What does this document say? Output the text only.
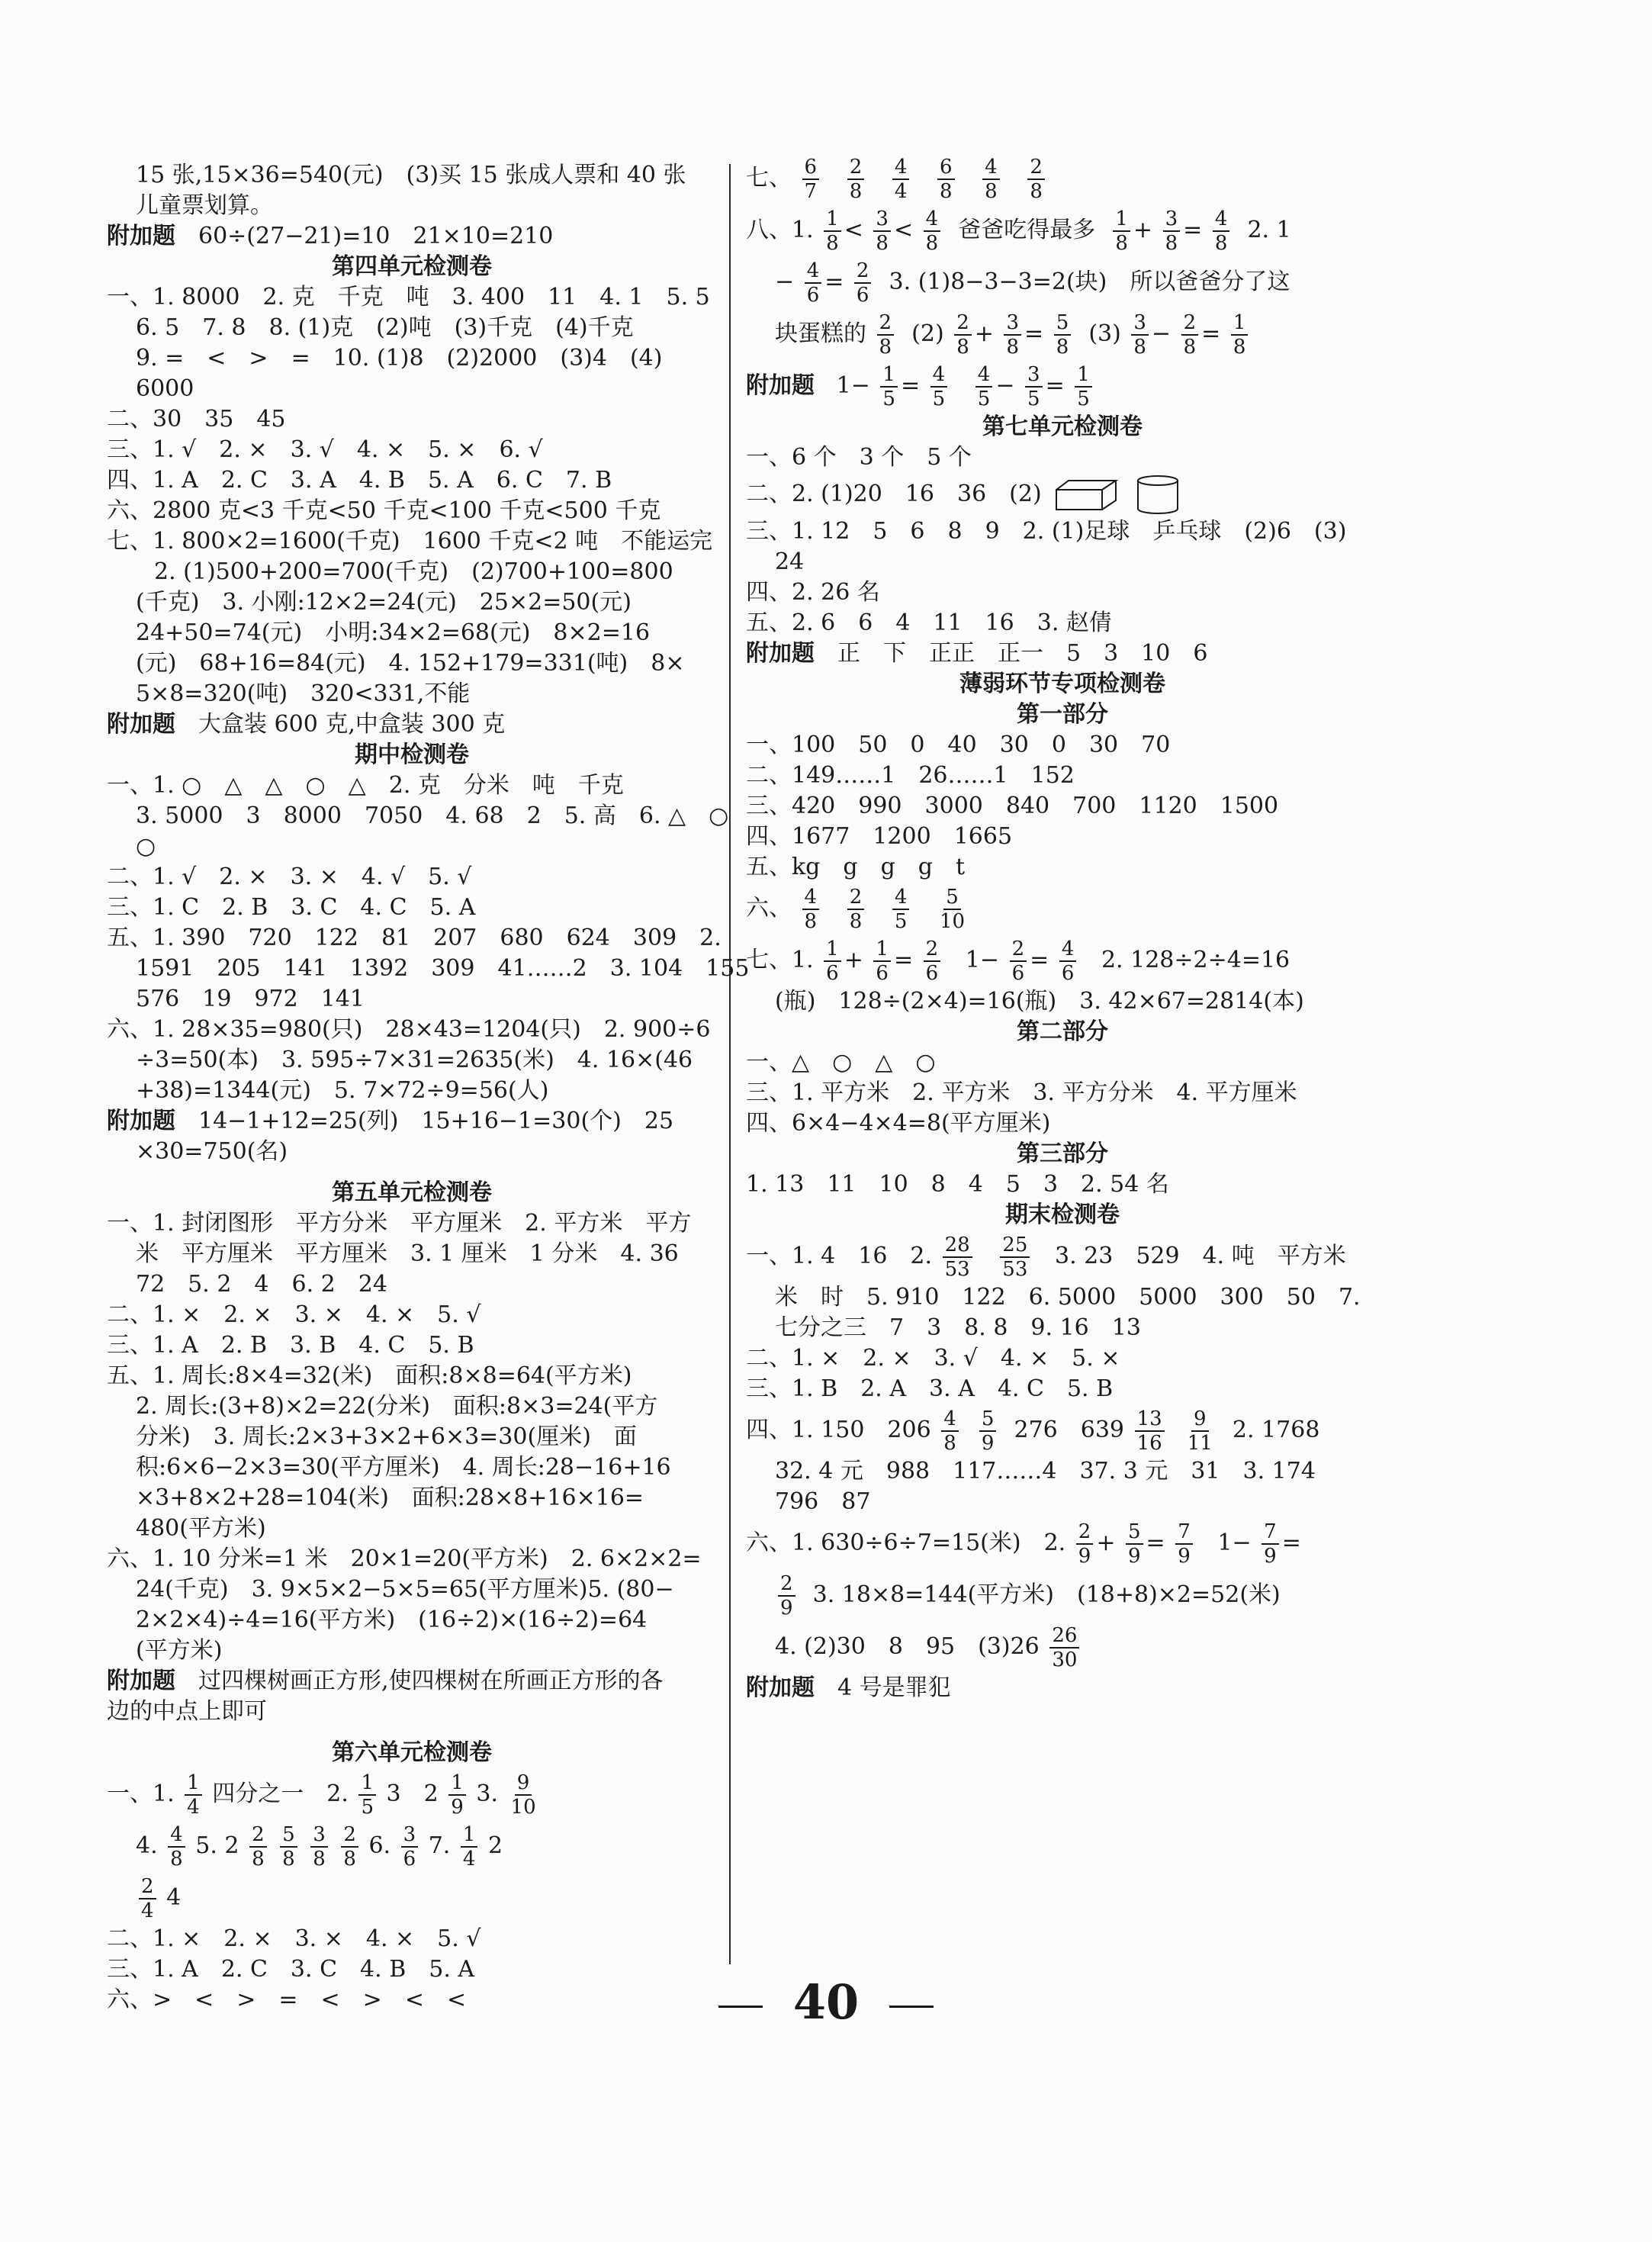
15 张,15×36=540(元)　(3)买 15 张成人票和 40 张
儿童票划算。
附加题　 60÷(27−21)=10　21×10=210
第四单元检测卷
一、1. 8000　2. 克　千克　吨　3. 400　11　4. 1　5. 5
6. 5　7. 8　8. (1)克　(2)吨　(3)千克　(4)千克
9. =　<　>　=　10. (1)8　(2)2000　(3)4　(4)
6000
二、30　35　45
三、1. √　2. ×　3. √　4. ×　5. ×　6. √
四、1. A　2. C　3. A　4. B　5. A　6. C　7. B
六、2800 克<3 千克<50 千克<100 千克<500 千克
七、1. 800×2=1600(千克)　1600 千克<2 吨　不能运完
2. (1)500+200=700(千克)　(2)700+100=800
(千克)　3. 小刚:12×2=24(元)　25×2=50(元)
24+50=74(元)　小明:34×2=68(元)　8×2=16
(元)　68+16=84(元)　4. 152+179=331(吨)　8×
5×8=320(吨)　320<331,不能
附加题　 大盒装 600 克,中盒装 300 克
期中检测卷
一、1. ○　△　△　○　△　2. 克　分米　吨　千克
3. 5000　3　8000　7050　4. 68　2　5. 高　6. △　○
○
二、1. √　2. ×　3. ×　4. √　5. √
三、1. C　2. B　3. C　4. C　5. A
五、1. 390　720　122　81　207　680　624　309　2.
1591　205　141　1392　309　41……2　3. 104　155
576　19　972　141
六、1. 28×35=980(只)　28×43=1204(只)　2. 900÷6
÷3=50(本)　3. 595÷7×31=2635(米)　4. 16×(46
+38)=1344(元)　5. 7×72÷9=56(人)
附加题　 14−1+12=25(列)　15+16−1=30(个)　25
×30=750(名)
第五单元检测卷
一、1. 封闭图形　平方分米　平方厘米　2. 平方米　平方
米　平方厘米　平方厘米　3. 1 厘米　1 分米　4. 36
72　5. 2　4　6. 2　24
二、1. ×　2. ×　3. ×　4. ×　5. √
三、1. A　2. B　3. B　4. C　5. B
五、1. 周长:8×4=32(米)　面积:8×8=64(平方米)
2. 周长:(3+8)×2=22(分米)　面积:8×3=24(平方
分米)　3. 周长:2×3+3×2+6×3=30(厘米)　面
积:6×6−2×3=30(平方厘米)　4. 周长:28−16+16
×3+8×2+28=104(米)　面积:28×8+16×16=
480(平方米)
六、1. 10 分米=1 米　20×1=20(平方米)　2. 6×2×2=
24(千克)　3. 9×5×2−5×5=65(平方厘米)5. (80−
2×2×4)÷4=16(平方米)　(16÷2)×(16÷2)=64
(平方米)
附加题　 过四棵树画正方形,使四棵树在所画正方形的各
边的中点上即可
第六单元检测卷
一、1. $\frac{1}{4}$ 四分之一　2. $\frac{1}{5} 3$　$2 \frac{1}{9} 3$. $\frac{9}{10}$
4. $\frac{4}{8} 5$. $2 \frac{2}{8}$
$\frac{5}{8}$
$\frac{3}{8}$
$\frac{2}{8} 6$. $\frac{3}{6} 7$. $\frac{1}{4} 2$
$\frac{2}{4} 4$
二、1. ×　2. ×　3. ×　4. ×　5. √
三、1. A　2. C　3. C　4. B　5. A
六、>　<　>　=　<　>　<　<
七、 $\frac{6}{7}$
$\frac{2}{8}$
$\frac{4}{4}$
$\frac{6}{8}$
$\frac{4}{8}$
$\frac{2}{8}$
八、1. $\frac{1}{8} < \frac{3}{8} < \frac{4}{8}$ 爸爸吃得最多 $\frac{1}{8} + \frac{3}{8} = \frac{4}{8} 2$. 1
− $\frac{4}{6} = \frac{2}{6} 3$. (1)8−3−3=2(块)　所以爸爸分了这
块蛋糕的 $\frac{2}{8} (2) \frac{2}{8} + \frac{3}{8} = \frac{5}{8} (3) \frac{3}{8} - \frac{2}{8} = \frac{1}{8}$
附加题 $1- \frac{1}{5} = \frac{4}{5}$
$\frac{4}{5} - \frac{3}{5} = \frac{1}{5}$
第七单元检测卷
一、6 个　3 个　5 个
二、2. (1)20　16　36　(2)
三、1. 12　5　6　8　9　2. (1)足球　乒乓球　(2)6　(3)
24
四、2. 26 名
五、2. 6　6　4　11　16　3. 赵倩
附加题　 正　下　正正　正一　5　3　10　6
薄弱环节专项检测卷
第一部分
一、100　50　0　40　30　0　30　70
二、149……1　26……1　152
三、420　990　3000　840　700　1120　1500
四、1677　1200　1665
五、kg　g　g　g　t
六、 $\frac{4}{8}$
$\frac{2}{8}$
$\frac{4}{5}$
$\frac{5}{10}$
七、1. $\frac{1}{6} + \frac{1}{6} = \frac{2}{6} 1- \frac{2}{6} = \frac{4}{6} 2$. 128÷2÷4=16
(瓶)　128÷(2×4)=16(瓶)　3. 42×67=2814(本)
第二部分
一、△　○　△　○
三、1. 平方米　2. 平方米　3. 平方分米　4. 平方厘米
四、6×4−4×4=8(平方厘米)
第三部分
1. 13　11　10　8　4　5　3　2. 54 名
期末检测卷
一、1. 4　16　2. $\frac{28}{53}$
$\frac{25}{53} 3$. 23　529　4. 吨　平方米
米　时　5. 910　122　6. 5000　5000　300　50　7.
七分之三　7　3　8. 8　9. 16　13
二、1. ×　2. ×　3. √　4. ×　5. ×
三、1. B　2. A　3. A　4. C　5. B
四、1. 150　$206 \frac{4}{8}$
$\frac{5}{9} 276$　$639 \frac{13}{16}$
$\frac{9}{11} 2$. 1768
32. 4 元　988　117……4　37. 3 元　31　3. 174
796　87
六、1. 630÷6÷7=15(米)　2. $\frac{2}{9} + \frac{5}{9} = \frac{7}{9} 1- \frac{7}{9}$ =
$\frac{2}{9} 3$. 18×8=144(平方米)　(18+8)×2=52(米)
4. (2)30　8　95　$(3)26 \frac{26}{30}$
附加题　 4 号是罪犯
40
